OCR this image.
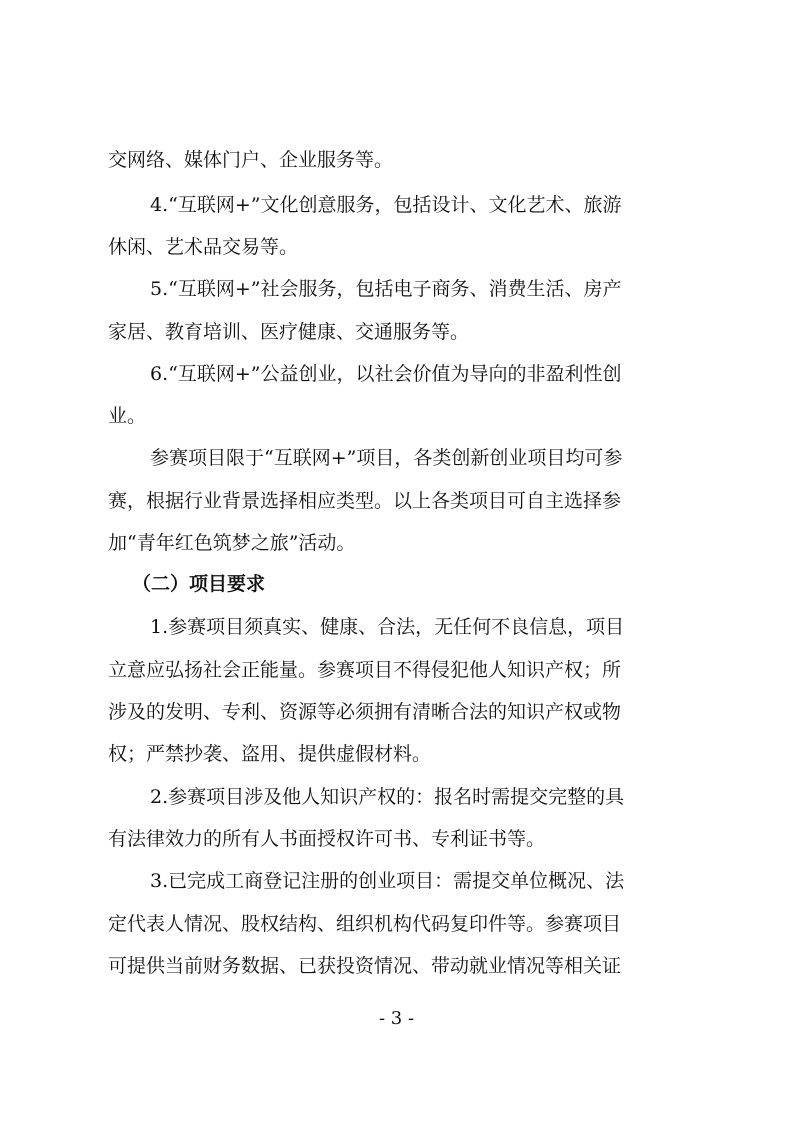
交网络、媒体门户、企业服务等。
4.“互联网+”文化创意服务，包括设计、文化艺术、旅游
休闲、艺术品交易等。
5.“互联网+”社会服务，包括电子商务、消费生活、房产
家居、教育培训、医疗健康、交通服务等。
6.“互联网+”公益创业，以社会价值为导向的非盈利性创
业。
参赛项目限于“互联网+”项目，各类创新创业项目均可参
赛，根据行业背景选择相应类型。以上各类项目可自主选择参
加“青年红色筑梦之旅”活动。
（二）项目要求
1.参赛项目须真实、健康、合法，无任何不良信息，项目
立意应弘扬社会正能量。参赛项目不得侵犯他人知识产权；所
涉及的发明、专利、资源等必须拥有清晰合法的知识产权或物
权；严禁抄袭、盗用、提供虚假材料。
2.参赛项目涉及他人知识产权的：报名时需提交完整的具
有法律效力的所有人书面授权许可书、专利证书等。
3.已完成工商登记注册的创业项目：需提交单位概况、法
定代表人情况、股权结构、组织机构代码复印件等。参赛项目
可提供当前财务数据、已获投资情况、带动就业情况等相关证
- 3 -
